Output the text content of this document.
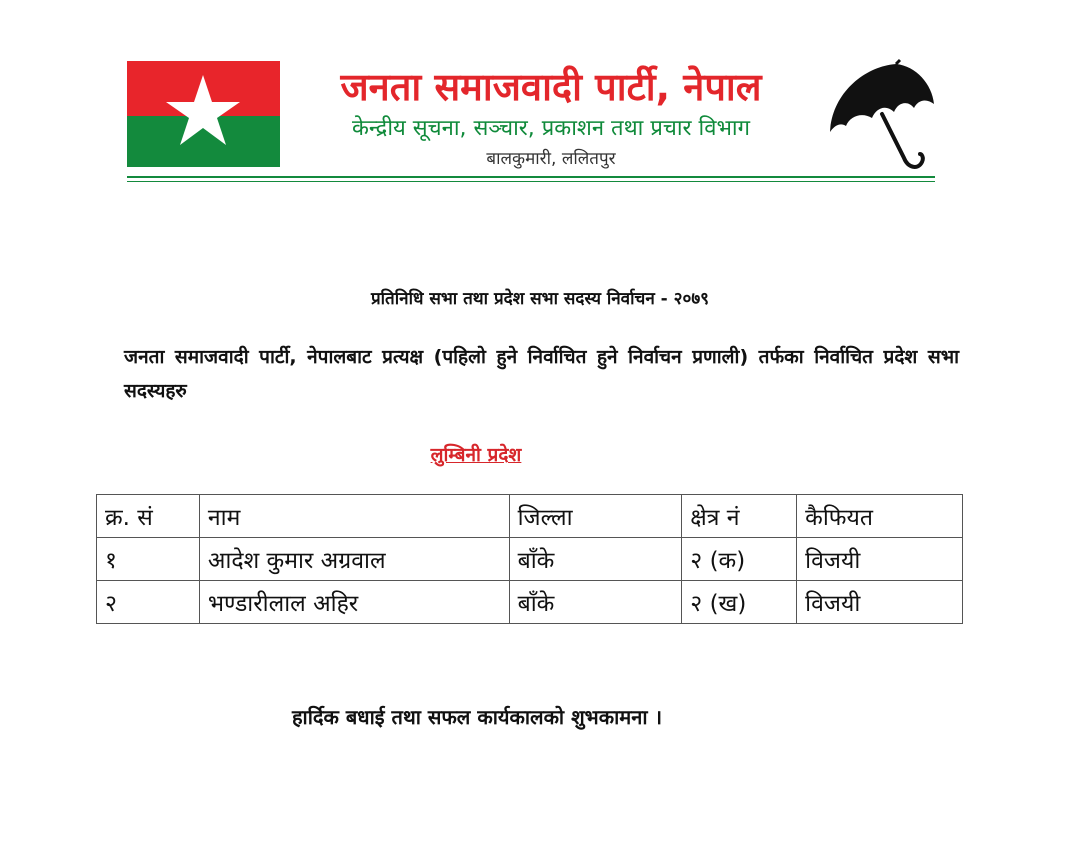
जनता समाजवादी पार्टी, नेपाल
केन्द्रीय सूचना, सञ्चार, प्रकाशन तथा प्रचार विभाग
बालकुमारी, ललितपुर
प्रतिनिधि सभा तथा प्रदेश सभा सदस्य निर्वाचन - २०७९
जनता समाजवादी पार्टी, नेपालबाट प्रत्यक्ष (पहिलो हुने निर्वाचित हुने निर्वाचन प्रणाली) तर्फका निर्वाचित प्रदेश सभा सदस्यहरु
लुम्बिनी प्रदेश
क्र. सं	नाम	जिल्ला	क्षेत्र नं	कैफियत
१	आदेश कुमार अग्रवाल	बाँके	२ (क)	विजयी
२	भण्डारीलाल अहिर	बाँके	२ (ख)	विजयी
हार्दिक बधाई तथा सफल कार्यकालको शुभकामना ।
